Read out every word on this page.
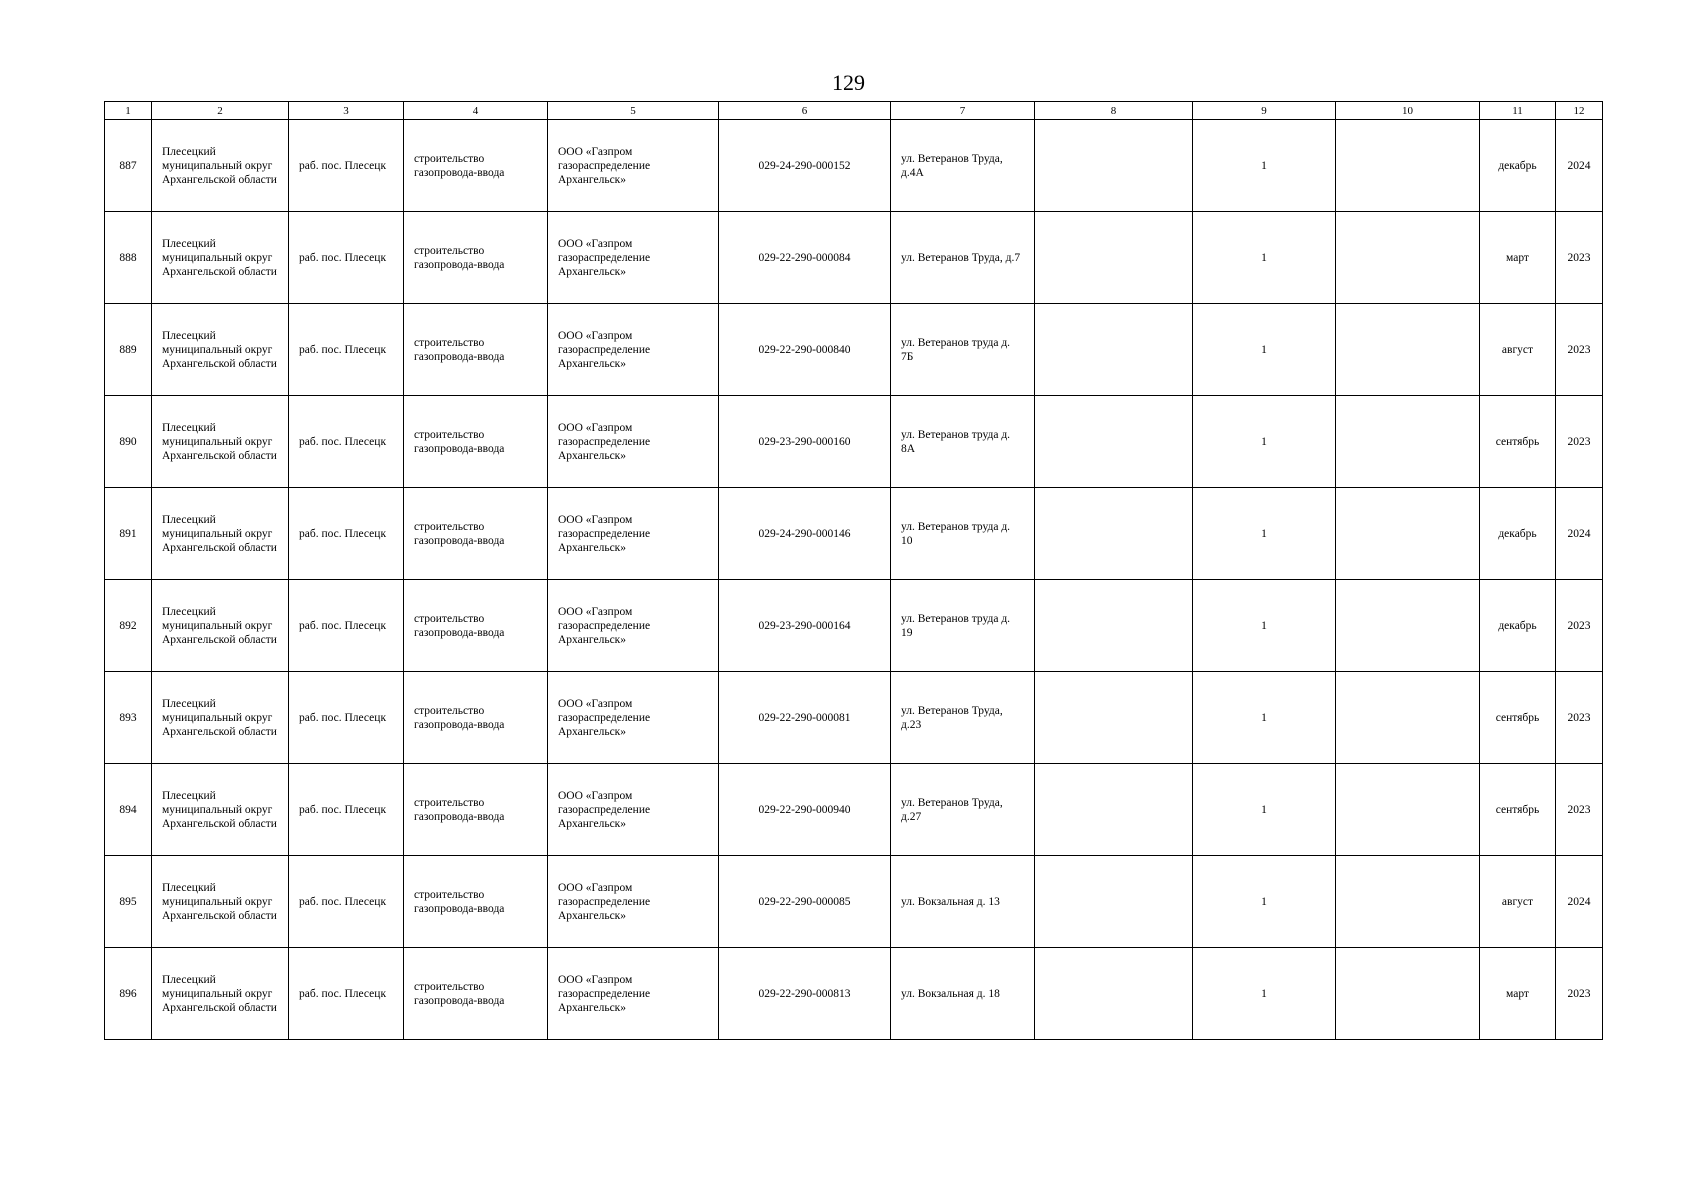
129
1	2	3	4	5	6	7	8	9	10	11	12
887	Плесецкий муниципальный округ Архангельской области	раб. пос. Плесецк	строительство газопровода-ввода	ООО «Газпром газораспределение Архангельск»	029-24-290-000152	ул. Ветеранов Труда, д.4А		1		декабрь	2024
888	Плесецкий муниципальный округ Архангельской области	раб. пос. Плесецк	строительство газопровода-ввода	ООО «Газпром газораспределение Архангельск»	029-22-290-000084	ул. Ветеранов Труда, д.7		1		март	2023
889	Плесецкий муниципальный округ Архангельской области	раб. пос. Плесецк	строительство газопровода-ввода	ООО «Газпром газораспределение Архангельск»	029-22-290-000840	ул. Ветеранов труда д. 7Б		1		август	2023
890	Плесецкий муниципальный округ Архангельской области	раб. пос. Плесецк	строительство газопровода-ввода	ООО «Газпром газораспределение Архангельск»	029-23-290-000160	ул. Ветеранов труда д. 8А		1		сентябрь	2023
891	Плесецкий муниципальный округ Архангельской области	раб. пос. Плесецк	строительство газопровода-ввода	ООО «Газпром газораспределение Архангельск»	029-24-290-000146	ул. Ветеранов труда д. 10		1		декабрь	2024
892	Плесецкий муниципальный округ Архангельской области	раб. пос. Плесецк	строительство газопровода-ввода	ООО «Газпром газораспределение Архангельск»	029-23-290-000164	ул. Ветеранов труда д. 19		1		декабрь	2023
893	Плесецкий муниципальный округ Архангельской области	раб. пос. Плесецк	строительство газопровода-ввода	ООО «Газпром газораспределение Архангельск»	029-22-290-000081	ул. Ветеранов Труда, д.23		1		сентябрь	2023
894	Плесецкий муниципальный округ Архангельской области	раб. пос. Плесецк	строительство газопровода-ввода	ООО «Газпром газораспределение Архангельск»	029-22-290-000940	ул. Ветеранов Труда, д.27		1		сентябрь	2023
895	Плесецкий муниципальный округ Архангельской области	раб. пос. Плесецк	строительство газопровода-ввода	ООО «Газпром газораспределение Архангельск»	029-22-290-000085	ул. Вокзальная д. 13		1		август	2024
896	Плесецкий муниципальный округ Архангельской области	раб. пос. Плесецк	строительство газопровода-ввода	ООО «Газпром газораспределение Архангельск»	029-22-290-000813	ул. Вокзальная д. 18		1		март	2023
